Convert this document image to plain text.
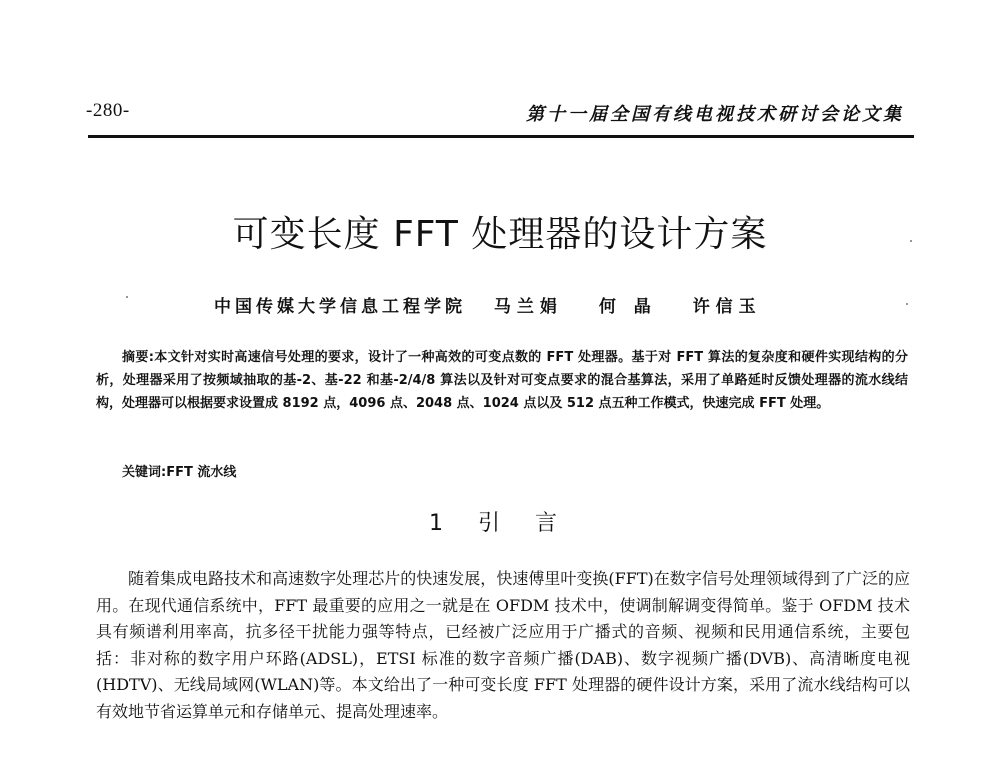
-280-	第十一届全国有线电视技术研讨会论文集
可变长度 FFT 处理器的设计方案
中国传媒大学信息工程学院 马兰娟 何 晶 许信玉

摘要:本文针对实时高速信号处理的要求，设计了一种高效的可变点数的 FFT 处理器。基于对 FFT 算法的复杂度和硬件实现结构的分析，处理器采用了按频域抽取的基-2、基-22 和基-2/4/8 算法以及针对可变点要求的混合基算法，采用了单路延时反馈处理器的流水线结构，处理器可以根据要求设置成 8192 点，4096 点、2048 点、1024 点以及 512 点五种工作模式，快速完成 FFT 处理。

关键词:FFT 流水线
1 引 言

随着集成电路技术和高速数字处理芯片的快速发展，快速傅里叶变换(FFT)在数字信号处理领域得到了广泛的应用。在现代通信系统中，FFT 最重要的应用之一就是在 OFDM 技术中，使调制解调变得简单。鉴于 OFDM 技术具有频谱利用率高，抗多径干扰能力强等特点，已经被广泛应用于广播式的音频、视频和民用通信系统，主要包括：非对称的数字用户环路(ADSL)，ETSI 标准的数字音频广播(DAB)、数字视频广播(DVB)、高清晰度电视(HDTV)、无线局域网(WLAN)等。本文给出了一种可变长度 FFT 处理器的硬件设计方案，采用了流水线结构可以有效地节省运算单元和存储单元、提高处理速率。
